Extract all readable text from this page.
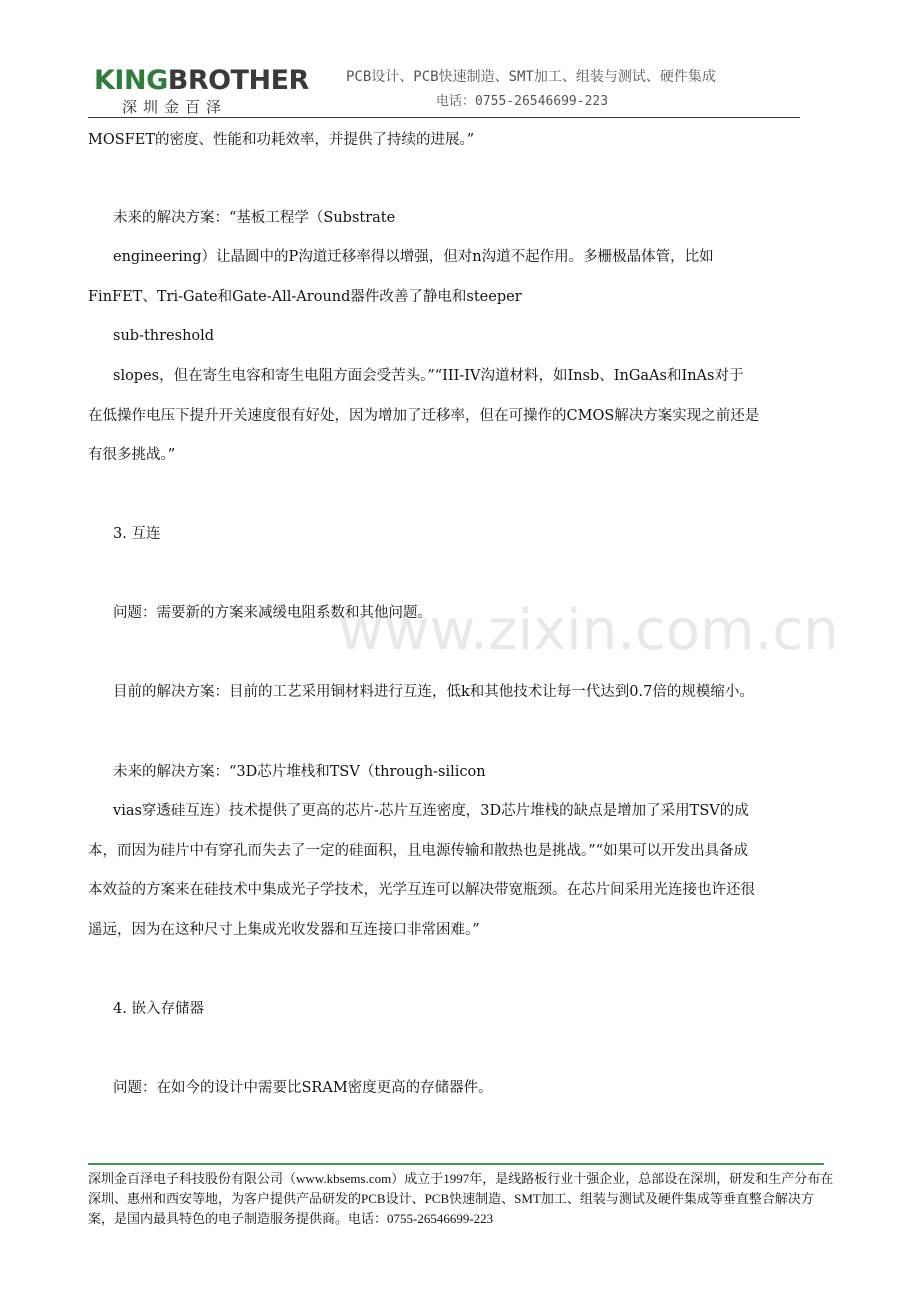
KINGBROTHER
深圳金百泽
PCB设计、PCB快速制造、SMT加工、组装与测试、硬件集成
电话：0755-26546699-223
www.zixin.com.cn
MOSFET的密度、性能和功耗效率，并提供了持续的进展。”
未来的解决方案：“基板工程学（Substrate
engineering）让晶圆中的P沟道迁移率得以增强，但对n沟道不起作用。多栅极晶体管，比如
FinFET、Tri-Gate和Gate-All-Around器件改善了静电和steeper
sub-threshold
slopes，但在寄生电容和寄生电阻方面会受苦头。”“III-IV沟道材料，如Insb、InGaAs和InAs对于
在低操作电压下提升开关速度很有好处，因为增加了迁移率，但在可操作的CMOS解决方案实现之前还是
有很多挑战。”
3. 互连
问题：需要新的方案来减缓电阻系数和其他问题。
目前的解决方案：目前的工艺采用铜材料进行互连，低k和其他技术让每一代达到0.7倍的规模缩小。
未来的解决方案：“3D芯片堆栈和TSV（through-silicon
vias穿透硅互连）技术提供了更高的芯片-芯片互连密度，3D芯片堆栈的缺点是增加了采用TSV的成
本，而因为硅片中有穿孔而失去了一定的硅面积，且电源传输和散热也是挑战。”“如果可以开发出具备成
本效益的方案来在硅技术中集成光子学技术，光学互连可以解决带宽瓶颈。在芯片间采用光连接也许还很
遥远，因为在这种尺寸上集成光收发器和互连接口非常困难。”
4. 嵌入存储器
问题：在如今的设计中需要比SRAM密度更高的存储器件。
深圳金百泽电子科技股份有限公司（www.kbsems.com）成立于1997年，是线路板行业十强企业，总部设在深圳，研发和生产分布在深圳、惠州和西安等地，为客户提供产品研发的PCB设计、PCB快速制造、SMT加工、组装与测试及硬件集成等垂直整合解决方案，是国内最具特色的电子制造服务提供商。电话：0755-26546699-223
